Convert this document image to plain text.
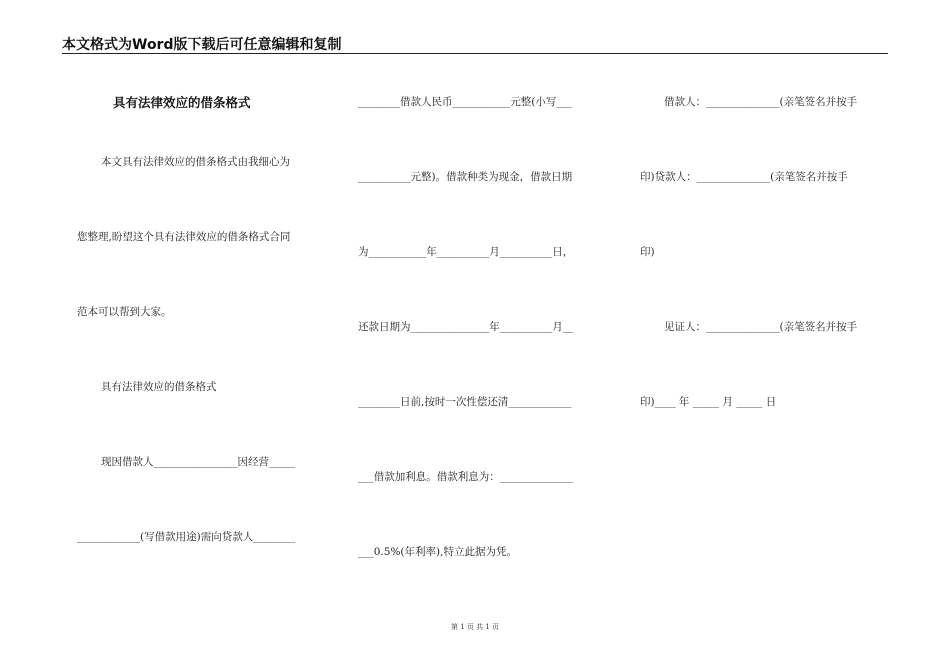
本文格式为Word版下载后可任意编辑和复制
具有法律效应的借条格式
本文具有法律效应的借条格式由我细心为
您整理,盼望这个具有法律效应的借条格式合同
范本可以帮到大家。
具有法律效应的借条格式
现因借款人________________因经营_____
____________(写借款用途)需向贷款人________
________借款人民币___________元整(小写___
__________元整)。借款种类为现金，借款日期
为___________年__________月__________日，
还款日期为_______________年__________月__
________日前,按时一次性偿还清____________
___借款加利息。借款利息为：______________
___0.5%(年利率),特立此据为凭。
借款人：______________(亲笔签名并按手
印)贷款人：______________(亲笔签名并按手
印)
见证人：______________(亲笔签名并按手
印)____ 年 _____ 月 _____ 日
第 1 页 共 1 页
